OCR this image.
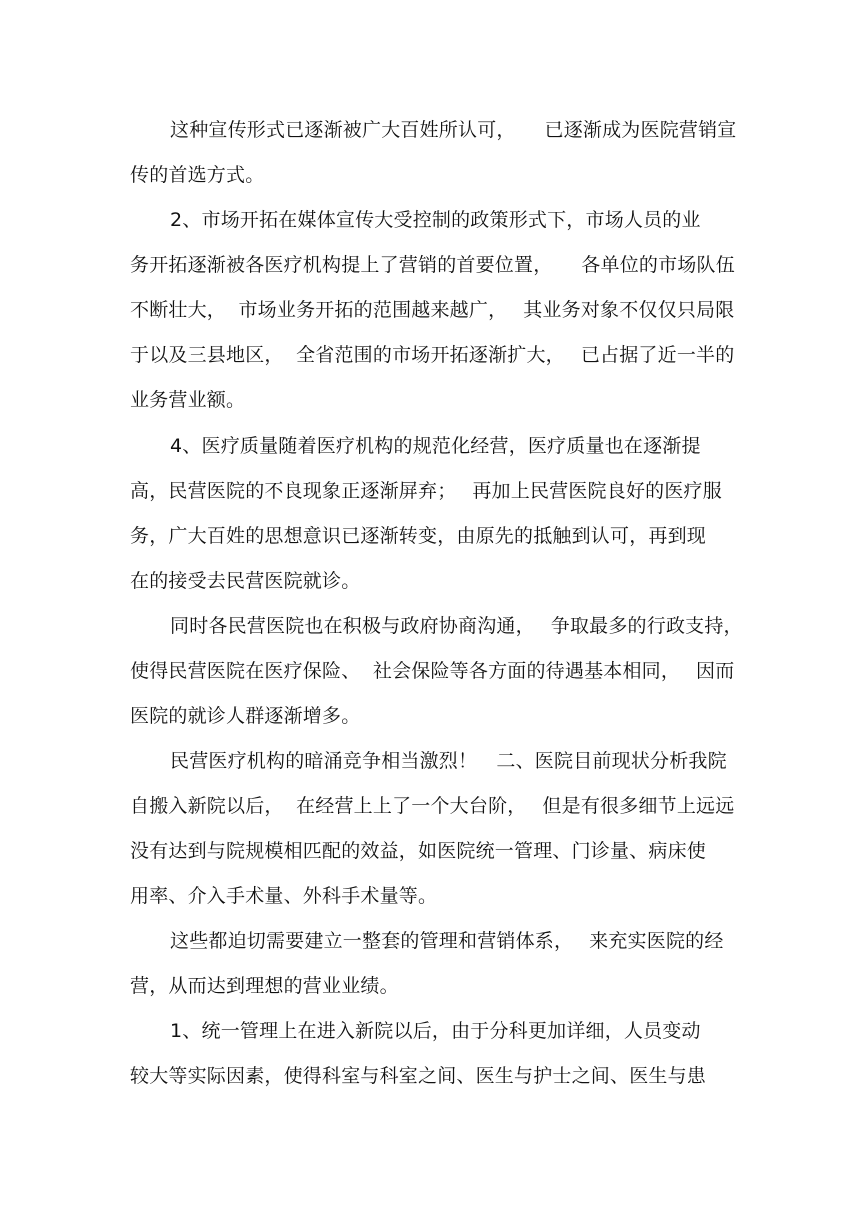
这种宣传形式已逐渐被广大百姓所认可，　　已逐渐成为医院营销宣
传的首选方式。
2、市场开拓在媒体宣传大受控制的政策形式下，市场人员的业
务开拓逐渐被各医疗机构提上了营销的首要位置，　　各单位的市场队伍
不断壮大，  市场业务开拓的范围越来越广，　 其业务对象不仅仅只局限
于以及三县地区，  全省范围的市场开拓逐渐扩大，　 已占据了近一半的
业务营业额。
4、医疗质量随着医疗机构的规范化经营，医疗质量也在逐渐提
高，民营医院的不良现象正逐渐屏弃；　 再加上民营医院良好的医疗服
务，广大百姓的思想意识已逐渐转变，由原先的抵触到认可，再到现
在的接受去民营医院就诊。
同时各民营医院也在积极与政府协商沟通，　 争取最多的行政支持，
使得民营医院在医疗保险、  社会保险等各方面的待遇基本相同，　 因而
医院的就诊人群逐渐增多。
民营医疗机构的暗涌竞争相当激烈！　二、医院目前现状分析我院
自搬入新院以后，  在经营上上了一个大台阶，　 但是有很多细节上远远
没有达到与院规模相匹配的效益，如医院统一管理、门诊量、病床使
用率、介入手术量、外科手术量等。
这些都迫切需要建立一整套的管理和营销体系，　 来充实医院的经
营，从而达到理想的营业业绩。
1、统一管理上在进入新院以后，由于分科更加详细，人员变动
较大等实际因素，使得科室与科室之间、医生与护士之间、医生与患
